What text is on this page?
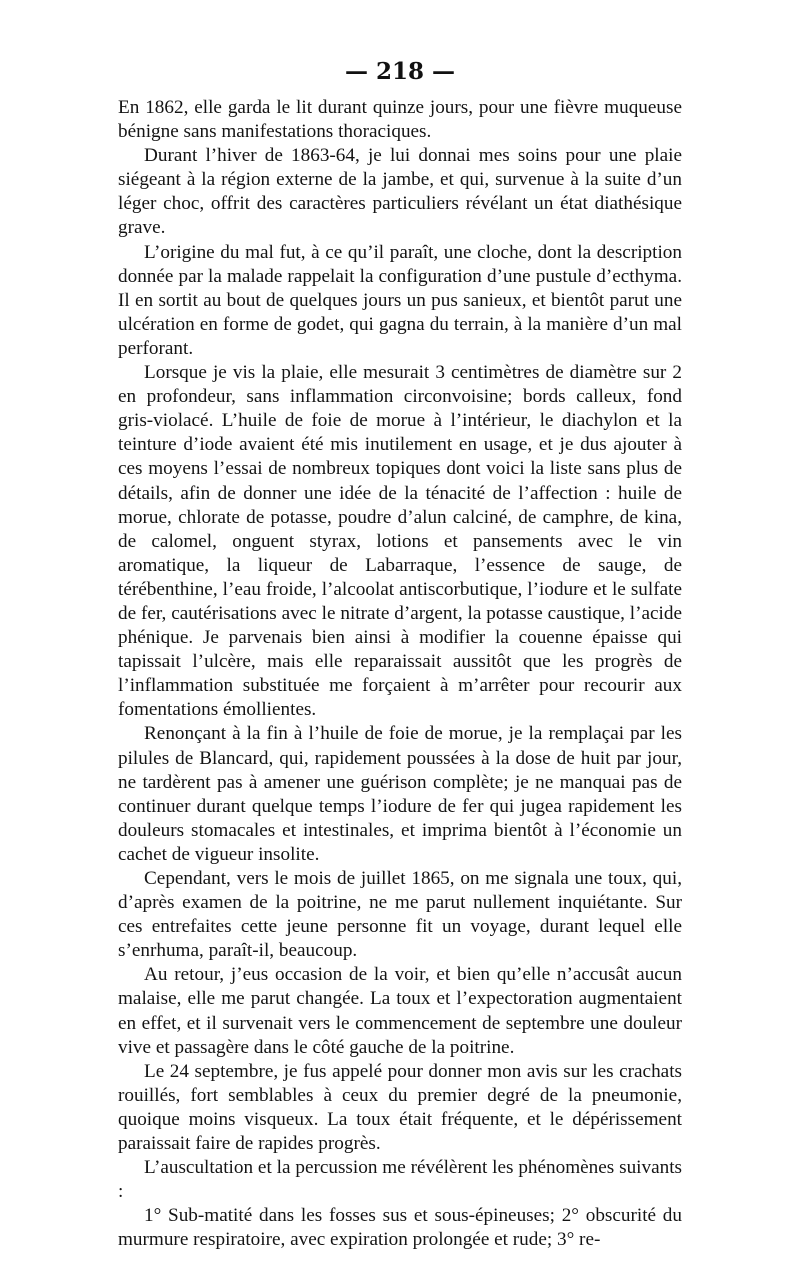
— 218 —

En 1862, elle garda le lit durant quinze jours, pour une fièvre muqueuse bénigne sans manifestations thoraciques.

Durant l’hiver de 1863-64, je lui donnai mes soins pour une plaie siégeant à la région externe de la jambe, et qui, survenue à la suite d’un léger choc, offrit des caractères particuliers révélant un état diathésique grave.

L’origine du mal fut, à ce qu’il paraît, une cloche, dont la description donnée par la malade rappelait la configuration d’une pustule d’ecthyma. Il en sortit au bout de quelques jours un pus sanieux, et bientôt parut une ulcération en forme de godet, qui gagna du terrain, à la manière d’un mal perforant.

Lorsque je vis la plaie, elle mesurait 3 centimètres de diamètre sur 2 en profondeur, sans inflammation circonvoisine; bords calleux, fond gris-violacé. L’huile de foie de morue à l’intérieur, le diachylon et la teinture d’iode avaient été mis inutilement en usage, et je dus ajouter à ces moyens l’essai de nombreux topiques dont voici la liste sans plus de détails, afin de donner une idée de la ténacité de l’affection : huile de morue, chlorate de potasse, poudre d’alun calciné, de camphre, de kina, de calomel, onguent styrax, lotions et pansements avec le vin aromatique, la liqueur de Labarraque, l’essence de sauge, de térébenthine, l’eau froide, l’alcoolat antiscorbutique, l’iodure et le sulfate de fer, cautérisations avec le nitrate d’argent, la potasse caustique, l’acide phénique. Je parvenais bien ainsi à modifier la couenne épaisse qui tapissait l’ulcère, mais elle reparaissait aussitôt que les progrès de l’inflammation substituée me forçaient à m’arrêter pour recourir aux fomentations émollientes.

Renonçant à la fin à l’huile de foie de morue, je la remplaçai par les pilules de Blancard, qui, rapidement poussées à la dose de huit par jour, ne tardèrent pas à amener une guérison complète; je ne manquai pas de continuer durant quelque temps l’iodure de fer qui jugea rapidement les douleurs stomacales et intestinales, et imprima bientôt à l’économie un cachet de vigueur insolite.

Cependant, vers le mois de juillet 1865, on me signala une toux, qui, d’après examen de la poitrine, ne me parut nullement inquiétante. Sur ces entrefaites cette jeune personne fit un voyage, durant lequel elle s’enrhuma, paraît-il, beaucoup.

Au retour, j’eus occasion de la voir, et bien qu’elle n’accusât aucun malaise, elle me parut changée. La toux et l’expectoration augmentaient en effet, et il survenait vers le commencement de septembre une douleur vive et passagère dans le côté gauche de la poitrine.

Le 24 septembre, je fus appelé pour donner mon avis sur les crachats rouillés, fort semblables à ceux du premier degré de la pneumonie, quoique moins visqueux. La toux était fréquente, et le dépérissement paraissait faire de rapides progrès.

L’auscultation et la percussion me révélèrent les phénomènes suivants :

1° Sub-matité dans les fosses sus et sous-épineuses; 2° obscurité du murmure respiratoire, avec expiration prolongée et rude; 3° re-
